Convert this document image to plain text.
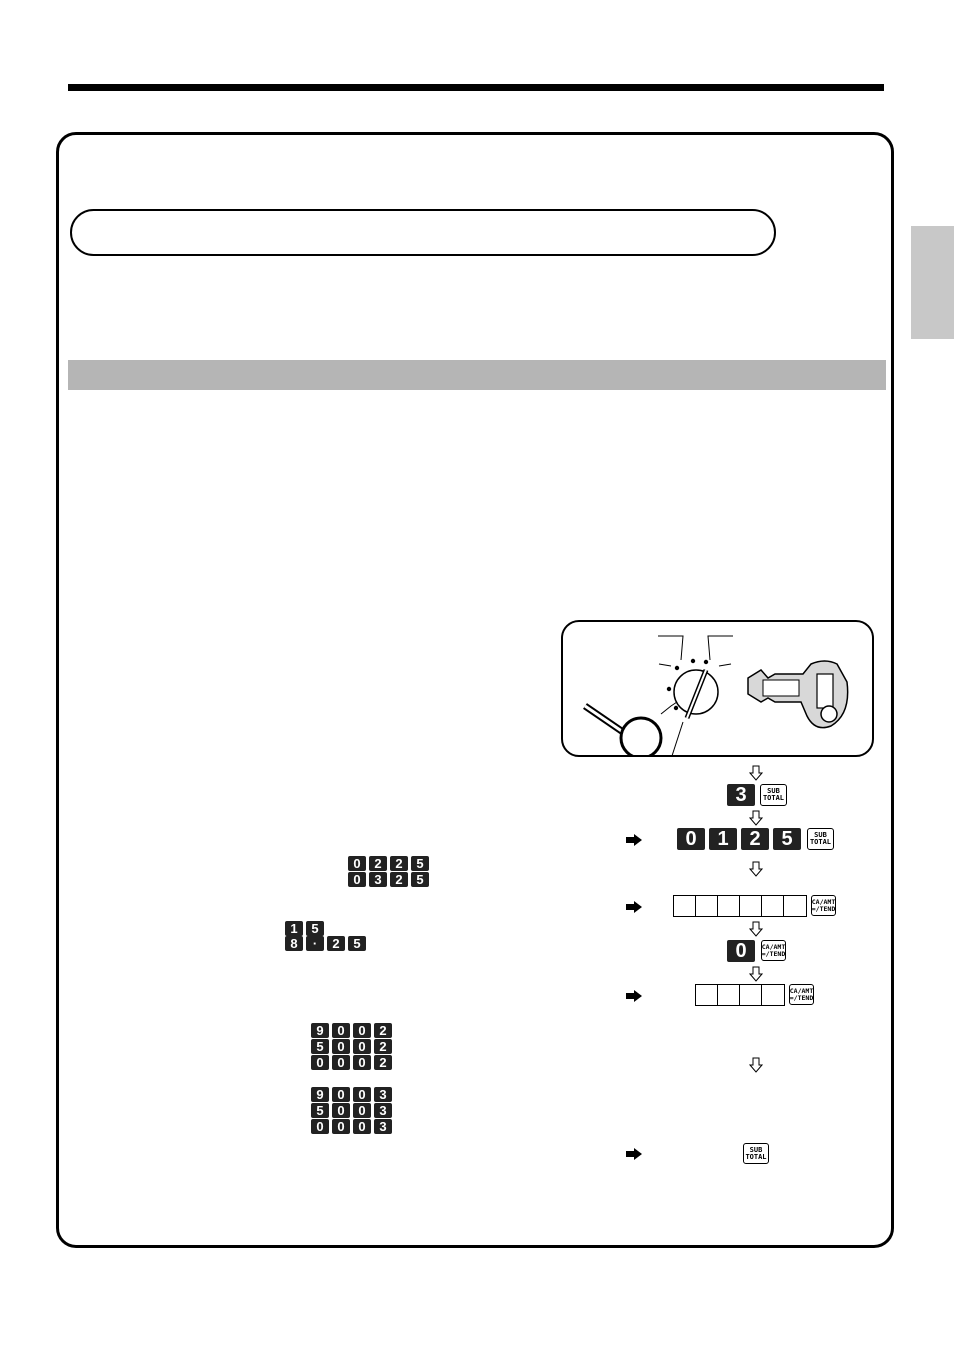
0	2	2	5
0	3	2	5
1	5
8	·	2	5
9	0	0	2
5	0	0	2
0	0	0	2
9	0	0	3
5	0	0	3
0	0	0	3
3	SUB
TOTAL
0	1	2	5	SUB
TOTAL
CA/AMT
=/TEND
0	CA/AMT
=/TEND
CA/AMT
=/TEND
SUB
TOTAL
